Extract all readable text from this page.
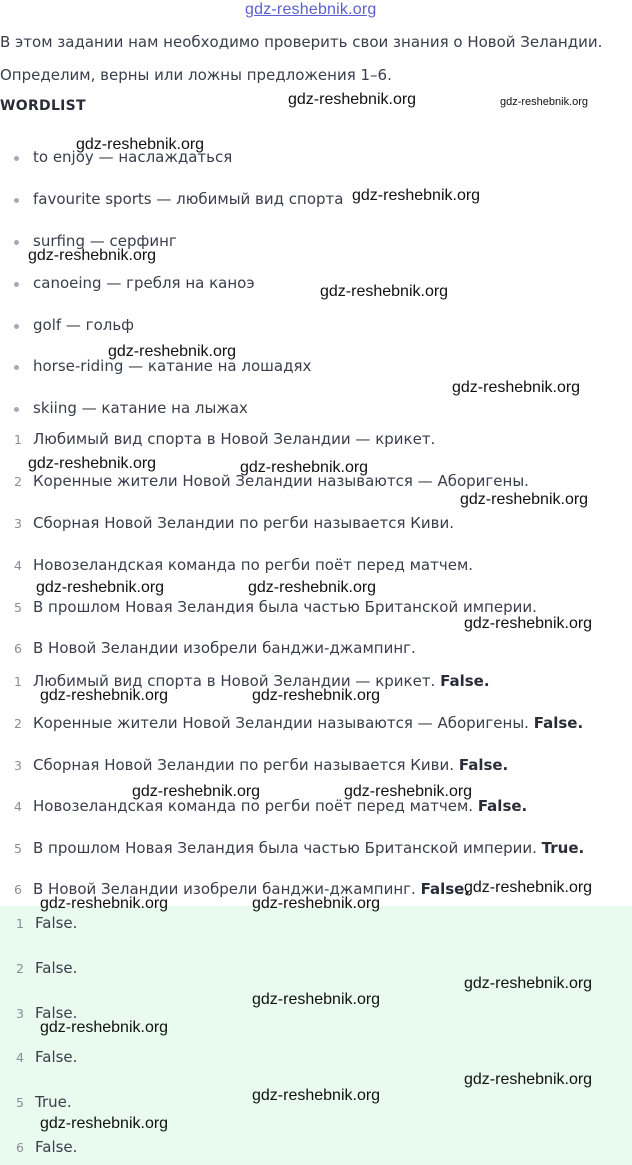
gdz-reshebnik.org
В этом задании нам необходимо проверить свои знания о Новой Зеландии.
Определим, верны или ложны предложения 1–6.
WORDLIST
to enjoy — наслаждаться
favourite sports — любимый вид спорта
surfing — серфинг
canoeing — гребля на каноэ
golf — гольф
horse-riding — катание на лошадях
skiing — катание на лыжах
1 Любимый вид спорта в Новой Зеландии — крикет.
2 Коренные жители Новой Зеландии называются — Аборигены.
3 Сборная Новой Зеландии по регби называется Киви.
4 Новозеландская команда по регби поёт перед матчем.
5 В прошлом Новая Зеландия была частью Британской империи.
6 В Новой Зеландии изобрели банджи-джампинг.
1 Любимый вид спорта в Новой Зеландии — крикет. False.
2 Коренные жители Новой Зеландии называются — Аборигены. False.
3 Сборная Новой Зеландии по регби называется Киви. False.
4 Новозеландская команда по регби поёт перед матчем. False.
5 В прошлом Новая Зеландия была частью Британской империи. True.
6 В Новой Зеландии изобрели банджи-джампинг. False.
1 False.
2 False.
3 False.
4 False.
5 True.
6 False.
gdz-reshebnik.org	gdz-reshebnik.org
gdz-reshebnik.org
gdz-reshebnik.org
gdz-reshebnik.org
gdz-reshebnik.org
gdz-reshebnik.org
gdz-reshebnik.org
gdz-reshebnik.org	gdz-reshebnik.org
gdz-reshebnik.org
gdz-reshebnik.org	gdz-reshebnik.org
gdz-reshebnik.org
gdz-reshebnik.org	gdz-reshebnik.org
gdz-reshebnik.org	gdz-reshebnik.org
gdz-reshebnik.org
gdz-reshebnik.org	gdz-reshebnik.org
gdz-reshebnik.org
gdz-reshebnik.org
gdz-reshebnik.org
gdz-reshebnik.org
gdz-reshebnik.org
gdz-reshebnik.org
